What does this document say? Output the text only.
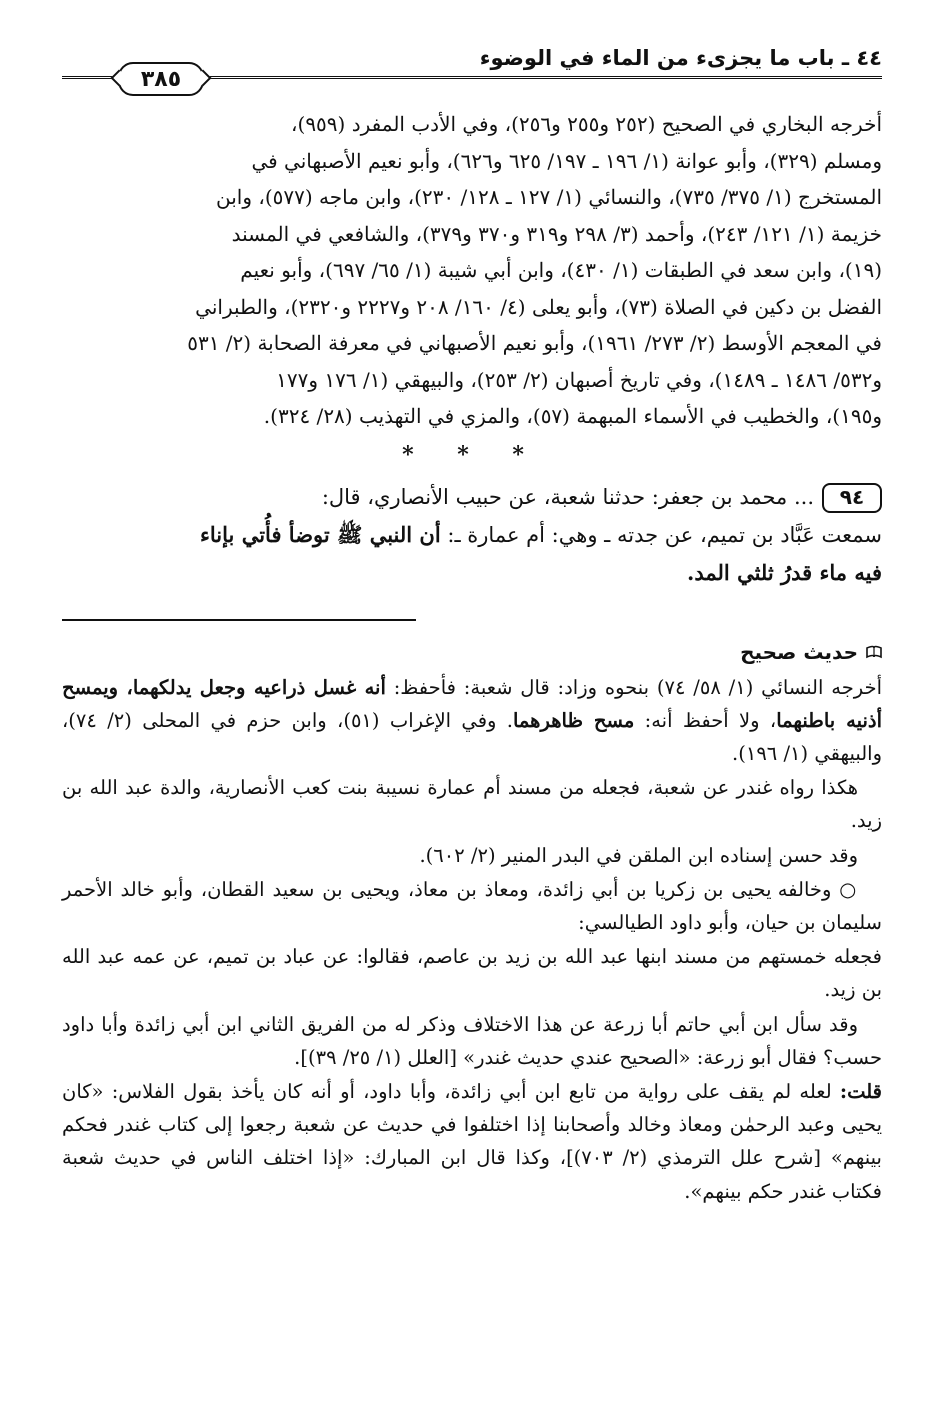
٤٤ ـ باب ما يجزىء من الماء في الوضوء
٣٨٥

أخرجه البخاري في الصحيح (٢٥٢ و٢٥٥ و٢٥٦)، وفي الأدب المفرد (٩٥٩)،

ومسلم (٣٢٩)، وأبو عوانة (١/ ١٩٦ ـ ١٩٧/ ٦٢٥ و٦٢٦)، وأبو نعيم الأصبهاني في

المستخرج (١/ ٣٧٥/ ٧٣٥)، والنسائي (١/ ١٢٧ ـ ١٢٨/ ٢٣٠)، وابن ماجه (٥٧٧)، وابن

خزيمة (١/ ١٢١/ ٢٤٣)، وأحمد (٣/ ٢٩٨ و٣١٩ و٣٧٠ و٣٧٩)، والشافعي في المسند

(١٩)، وابن سعد في الطبقات (١/ ٤٣٠)، وابن أبي شيبة (١/ ٦٥/ ٦٩٧)، وأبو نعيم

الفضل بن دكين في الصلاة (٧٣)، وأبو يعلى (٤/ ١٦٠/ ٢٠٨ و٢٢٢٧ و٢٣٢٠)، والطبراني

في المعجم الأوسط (٢/ ٢٧٣/ ١٩٦١)، وأبو نعيم الأصبهاني في معرفة الصحابة (٢/ ٥٣١

و٥٣٢/ ١٤٨٦ ـ ١٤٨٩)، وفي تاريخ أصبهان (٢/ ٢٥٣)، والبيهقي (١/ ١٧٦ و١٧٧

و١٩٥)، والخطيب في الأسماء المبهمة (٥٧)، والمزي في التهذيب (٢٨/ ٣٢٤).

* * *

٩٤... محمد بن جعفر: حدثنا شعبة، عن حبيب الأنصاري، قال:

سمعت عَبَّاد بن تميم، عن جدته ـ وهي: أم عمارة ـ: أن النبي ﷺ توضأ فأُتي بإناء

فيه ماء قدرُ ثلثي المد.

حديث صحيح

أخرجه النسائي (١/ ٥٨/ ٧٤) بنحوه وزاد: قال شعبة: فأحفظ: أنه غسل ذراعيه وجعل يدلكهما، ويمسح أذنيه باطنهما، ولا أحفظ أنه: مسح ظاهرهما. وفي الإغراب (٥١)، وابن حزم في المحلى (٢/ ٧٤)، والبيهقي (١/ ١٩٦).

هكذا رواه غندر عن شعبة، فجعله من مسند أم عمارة نسيبة بنت كعب الأنصارية، والدة عبد الله بن زيد.

وقد حسن إسناده ابن الملقن في البدر المنير (٢/ ٦٠٢).

○ وخالفه يحيى بن زكريا بن أبي زائدة، ومعاذ بن معاذ، ويحيى بن سعيد القطان، وأبو خالد الأحمر سليمان بن حيان، وأبو داود الطيالسي:

فجعله خمستهم من مسند ابنها عبد الله بن زيد بن عاصم، فقالوا: عن عباد بن تميم، عن عمه عبد الله بن زيد.

وقد سأل ابن أبي حاتم أبا زرعة عن هذا الاختلاف وذكر له من الفريق الثاني ابن أبي زائدة وأبا داود حسب؟ فقال أبو زرعة: «الصحيح عندي حديث غندر» [العلل (١/ ٢٥/ ٣٩)].

قلت: لعله لم يقف على رواية من تابع ابن أبي زائدة، وأبا داود، أو أنه كان يأخذ بقول الفلاس: «كان يحيى وعبد الرحمٰن ومعاذ وخالد وأصحابنا إذا اختلفوا في حديث عن شعبة رجعوا إلى كتاب غندر فحكم بينهم» [شرح علل الترمذي (٢/ ٧٠٣)]، وكذا قال ابن المبارك: «إذا اختلف الناس في حديث شعبة فكتاب غندر حكم بينهم».
